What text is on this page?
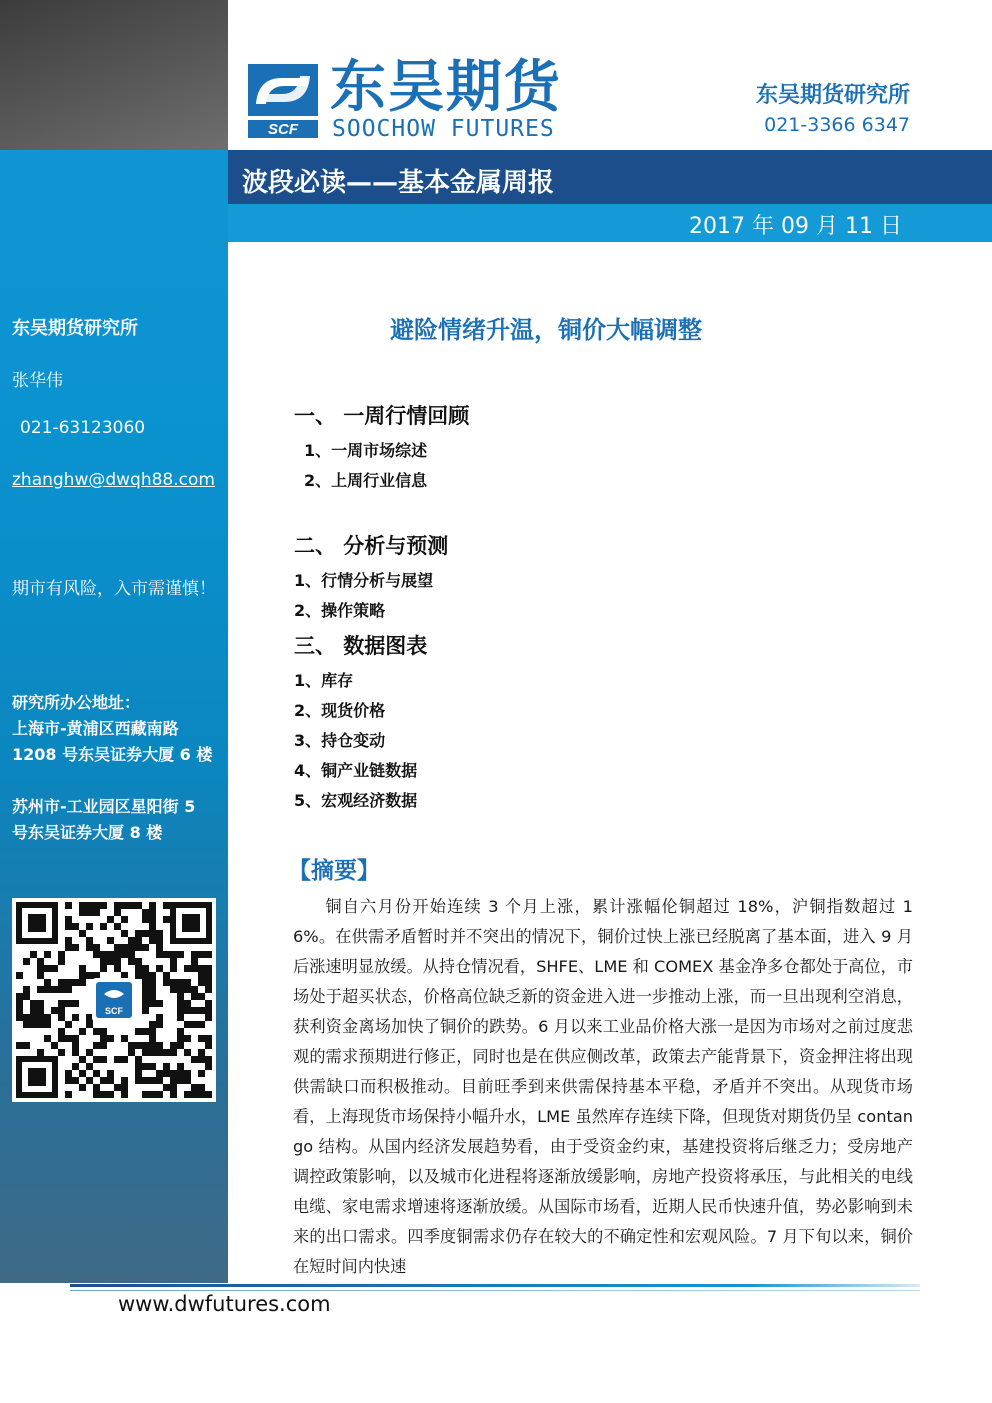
东吴期货研究所
张华伟
021-63123060
zhanghw@dwqh88.com
期市有风险，入市需谨慎！
研究所办公地址：
上海市-黄浦区西藏南路
1208 号东吴证券大厦 6 楼
苏州市-工业园区星阳街 5
号东吴证券大厦 8 楼
SCF
SCF
东吴期货
SOOCHOW FUTURES
东吴期货研究所
021-3366 6347
波段必读——基本金属周报
2017 年 09 月 11 日
避险情绪升温，铜价大幅调整
一、 一周行情回顾
1、一周市场综述
2、上周行业信息
二、 分析与预测
1、行情分析与展望
2、操作策略
三、 数据图表
1、库存
2、现货价格
3、持仓变动
4、铜产业链数据
5、宏观经济数据
【摘要】
铜自六月份开始连续 3 个月上涨，累计涨幅伦铜超过 18%，沪铜指数超过 16%。在供需矛盾暂时并不突出的情况下，铜价过快上涨已经脱离了基本面，进入 9 月后涨速明显放缓。从持仓情况看，SHFE、LME 和 COMEX 基金净多仓都处于高位，市场处于超买状态，价格高位缺乏新的资金进入进一步推动上涨，而一旦出现利空消息，获利资金离场加快了铜价的跌势。6 月以来工业品价格大涨一是因为市场对之前过度悲观的需求预期进行修正，同时也是在供应侧改革，政策去产能背景下，资金押注将出现供需缺口而积极推动。目前旺季到来供需保持基本平稳，矛盾并不突出。从现货市场看，上海现货市场保持小幅升水，LME 虽然库存连续下降，但现货对期货仍呈 contango 结构。从国内经济发展趋势看，由于受资金约束，基建投资将后继乏力；受房地产调控政策影响，以及城市化进程将逐渐放缓影响，房地产投资将承压，与此相关的电线电缆、家电需求增速将逐渐放缓。从国际市场看，近期人民币快速升值，势必影响到未来的出口需求。四季度铜需求仍存在较大的不确定性和宏观风险。7 月下旬以来，铜价在短时间内快速
www.dwfutures.com
